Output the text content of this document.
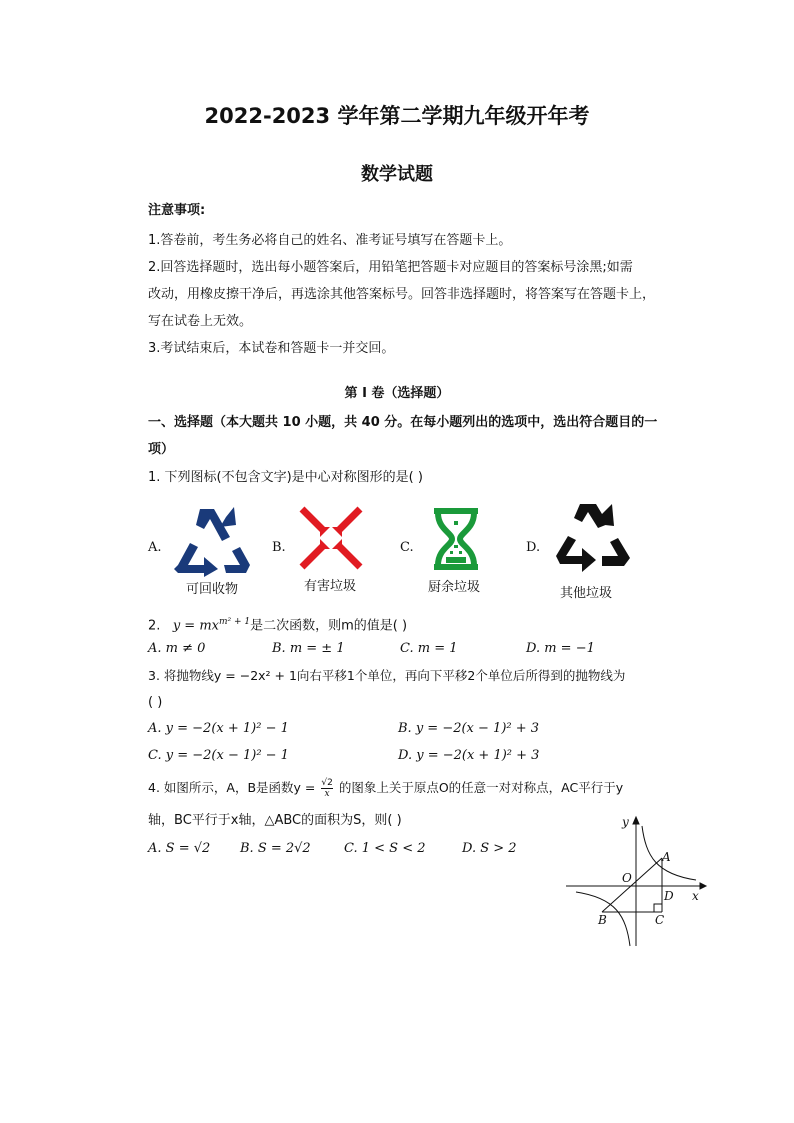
2022-2023 学年第二学期九年级开年考
数学试题
注意事项:
1.答卷前，考生务必将自己的姓名、准考证号填写在答题卡上。
2.回答选择题时，选出每小题答案后，用铅笔把答题卡对应题目的答案标号涂黑;如需
改动，用橡皮擦干净后，再选涂其他答案标号。回答非选择题时，将答案写在答题卡上，
写在试卷上无效。
3.考试结束后，本试卷和答题卡一并交回。
第 I 卷（选择题）
一、选择题（本大题共 10 小题，共 40 分。在每小题列出的选项中，选出符合题目的一
项）
1. 下列图标(不包含文字)是中心对称图形的是( )
A.
可回收物
B.
有害垃圾
C.
厨余垃圾
D.
其他垃圾
2. $y = mx^{m^2 + 1}$是二次函数，则m的值是( )
A. m ≠ 0	B. m = ± 1	C. m = 1	D. m = −1
3. 将抛物线y = −2x² + 1向右平移1个单位，再向下平移2个单位后所得到的抛物线为
( )
A. y = −2(x + 1)² − 1	B. y = −2(x − 1)² + 3
C. y = −2(x − 1)² − 1	D. y = −2(x + 1)² + 3
4. 如图所示，A，B是函数$y = \frac{√2}{x}$ 的图象上关于原点O的任意一对对称点，AC平行于y
轴，BC平行于x轴，△ABC的面积为S，则( )
A. S = √2 B. S = 2√2	C. 1 < S < 2	D. S > 2
y
x
O
A
B	C
D
